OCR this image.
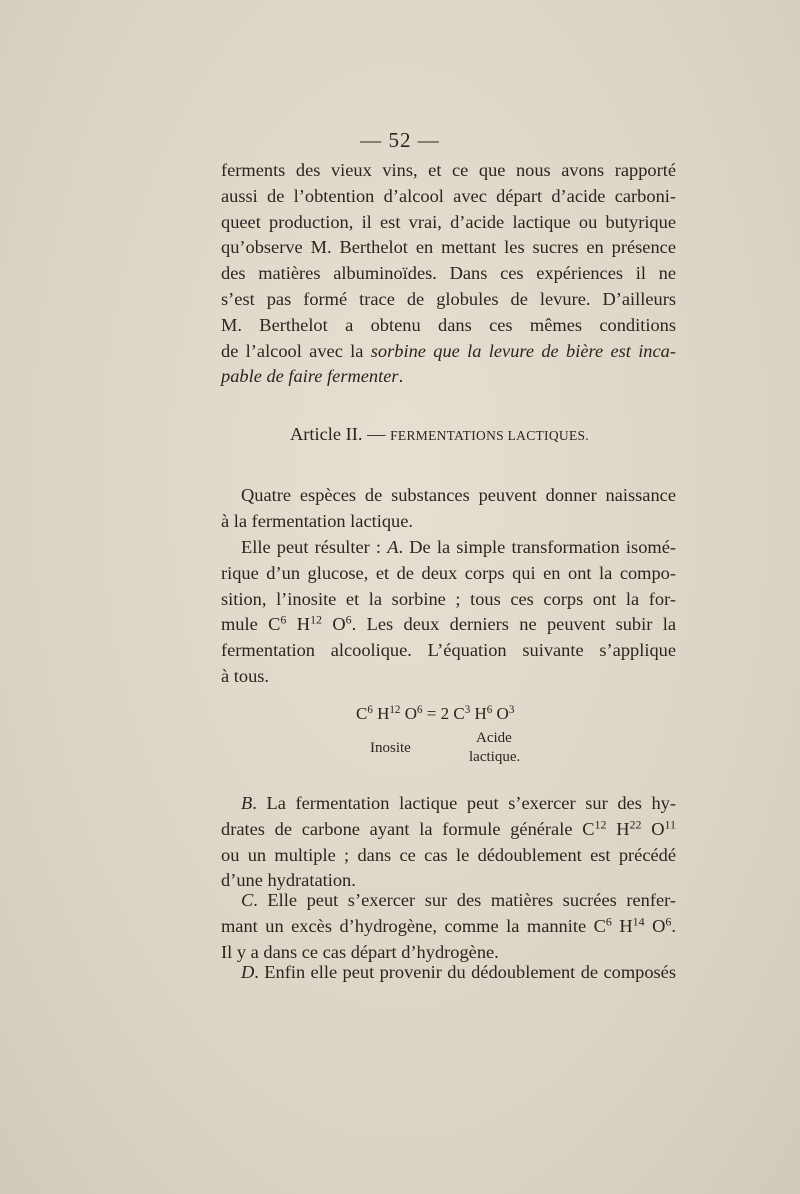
— 52 —
ferments des vieux vins, et ce que nous avons rapporté
aussi de l’obtention d’alcool avec départ d’acide carboni-
queet production, il est vrai, d’acide lactique ou butyrique
qu’observe M. Berthelot en mettant les sucres en présence
des matières albuminoïdes. Dans ces expériences il ne
s’est pas formé trace de globules de levure. D’ailleurs
M. Berthelot a obtenu dans ces mêmes conditions
de l’alcool avec la sorbine que la levure de bière est inca-
pable de faire fermenter.
Article II. — FERMENTATIONS LACTIQUES.
Quatre espèces de substances peuvent donner naissance
à la fermentation lactique.
Elle peut résulter : A. De la simple transformation isomé-
rique d’un glucose, et de deux corps qui en ont la compo-
sition, l’inosite et la sorbine ; tous ces corps ont la for-
mule $C^6$ $H^{12}$ $O^6$. Les deux derniers ne peuvent subir la
fermentation alcoolique. L’équation suivante s’applique
à tous.
$C^6$ $H^{12}$ $O^6 = 2$ $C^3$ $H^6$ $O^3$
Inosite
Acide
lactique.
B. La fermentation lactique peut s’exercer sur des hy-
drates de carbone ayant la formule générale $C^{12}$ $H^{22}$ $O^{11}$
ou un multiple ; dans ce cas le dédoublement est précédé
d’une hydratation.
C. Elle peut s’exercer sur des matières sucrées renfer-
mant un excès d’hydrogène, comme la mannite $C^6$ $H^{14}$ $O^6$.
Il y a dans ce cas départ d’hydrogène.
D. Enfin elle peut provenir du dédoublement de composés
